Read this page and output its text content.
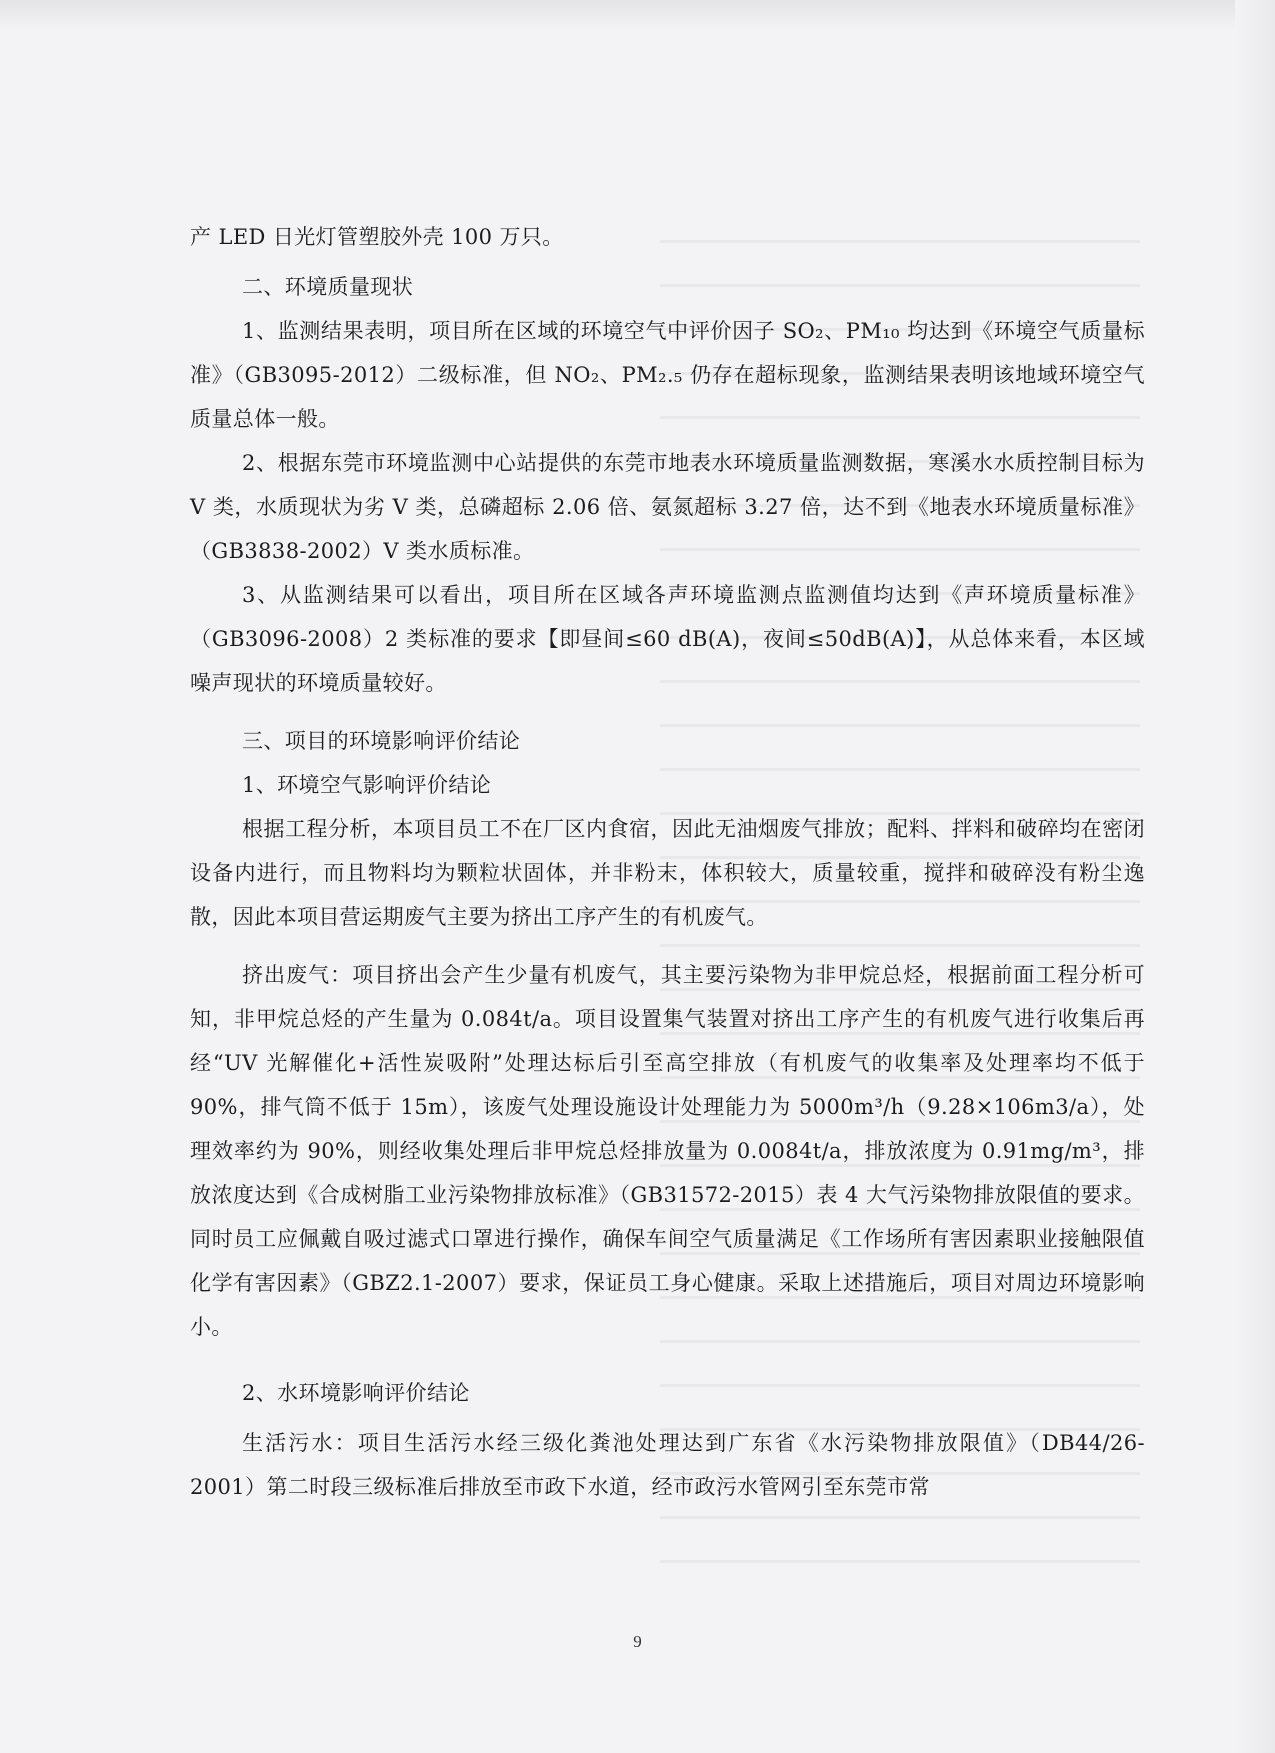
产 LED 日光灯管塑胶外壳 100 万只。

二、环境质量现状

1、监测结果表明，项目所在区域的环境空气中评价因子 SO₂、PM₁₀ 均达到《环境空气质量标准》（GB3095-2012）二级标准，但 NO₂、PM₂.₅ 仍存在超标现象，监测结果表明该地域环境空气质量总体一般。

2、根据东莞市环境监测中心站提供的东莞市地表水环境质量监测数据，寒溪水水质控制目标为 V 类，水质现状为劣 V 类，总磷超标 2.06 倍、氨氮超标 3.27 倍，达不到《地表水环境质量标准》（GB3838-2002）V 类水质标准。

3、从监测结果可以看出，项目所在区域各声环境监测点监测值均达到《声环境质量标准》（GB3096-2008）2 类标准的要求【即昼间≤60 dB(A)，夜间≤50dB(A)】，从总体来看，本区域噪声现状的环境质量较好。

三、项目的环境影响评价结论

1、环境空气影响评价结论

根据工程分析，本项目员工不在厂区内食宿，因此无油烟废气排放；配料、拌料和破碎均在密闭设备内进行，而且物料均为颗粒状固体，并非粉末，体积较大，质量较重，搅拌和破碎没有粉尘逸散，因此本项目营运期废气主要为挤出工序产生的有机废气。

挤出废气：项目挤出会产生少量有机废气，其主要污染物为非甲烷总烃，根据前面工程分析可知，非甲烷总烃的产生量为 0.084t/a。项目设置集气装置对挤出工序产生的有机废气进行收集后再经“UV 光解催化+活性炭吸附”处理达标后引至高空排放（有机废气的收集率及处理率均不低于 90%，排气筒不低于 15m），该废气处理设施设计处理能力为 5000m³/h（9.28×106m3/a），处理效率约为 90%，则经收集处理后非甲烷总烃排放量为 0.0084t/a，排放浓度为 0.91mg/m³，排放浓度达到《合成树脂工业污染物排放标准》（GB31572-2015）表 4 大气污染物排放限值的要求。同时员工应佩戴自吸过滤式口罩进行操作，确保车间空气质量满足《工作场所有害因素职业接触限值化学有害因素》（GBZ2.1-2007）要求，保证员工身心健康。采取上述措施后，项目对周边环境影响小。

2、水环境影响评价结论

生活污水：项目生活污水经三级化粪池处理达到广东省《水污染物排放限值》（DB44/26-2001）第二时段三级标准后排放至市政下水道，经市政污水管网引至东莞市常

9
